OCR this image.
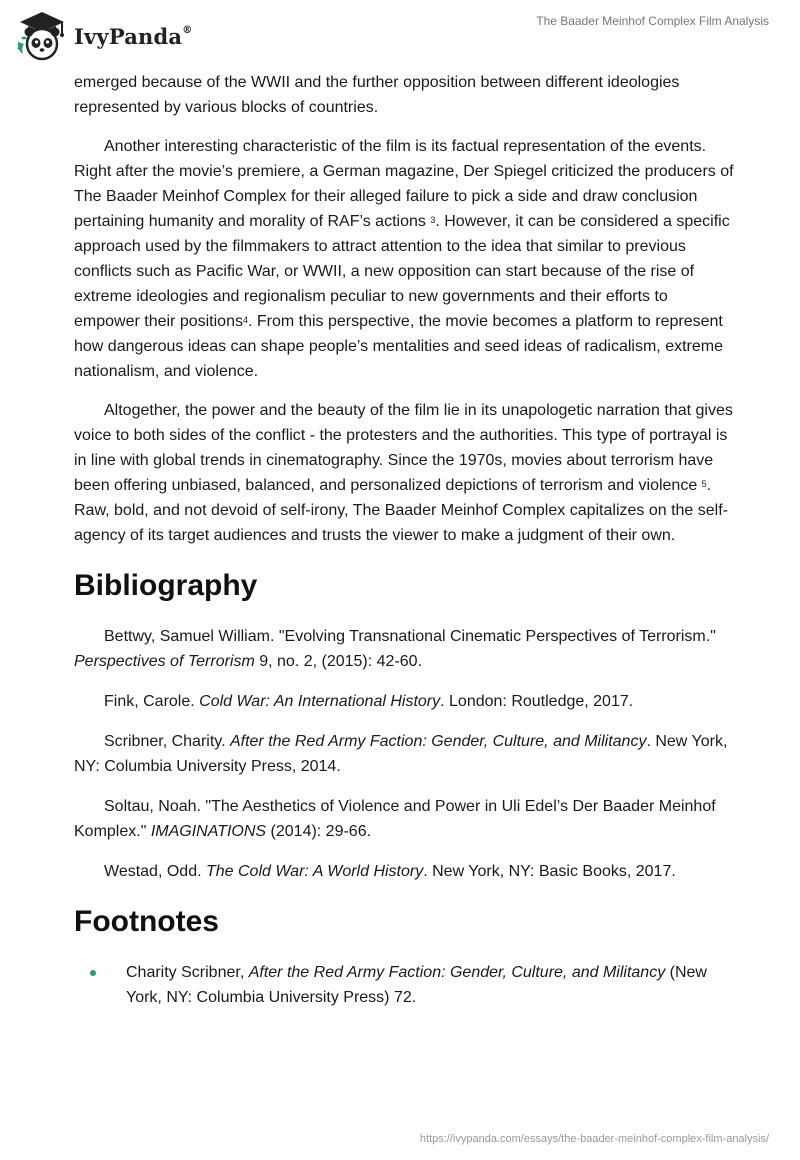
IvyPanda®
The Baader Meinhof Complex Film Analysis

emerged because of the WWII and the further opposition between different ideologies represented by various blocks of countries.

Another interesting characteristic of the film is its factual representation of the events. Right after the movie’s premiere, a German magazine, Der Spiegel criticized the producers of The Baader Meinhof Complex for their alleged failure to pick a side and draw conclusion pertaining humanity and morality of RAF’s actions $^3$. However, it can be considered a specific approach used by the filmmakers to attract attention to the idea that similar to previous conflicts such as Pacific War, or WWII, a new opposition can start because of the rise of extreme ideologies and regionalism peculiar to new governments and their efforts to empower their positions$^4$. From this perspective, the movie becomes a platform to represent how dangerous ideas can shape people’s mentalities and seed ideas of radicalism, extreme nationalism, and violence.

Altogether, the power and the beauty of the film lie in its unapologetic narration that gives voice to both sides of the conflict - the protesters and the authorities. This type of portrayal is in line with global trends in cinematography. Since the 1970s, movies about terrorism have been offering unbiased, balanced, and personalized depictions of terrorism and violence $^5$. Raw, bold, and not devoid of self-irony, The Baader Meinhof Complex capitalizes on the self-agency of its target audiences and trusts the viewer to make a judgment of their own.

Bibliography

Bettwy, Samuel William. "Evolving Transnational Cinematic Perspectives of Terrorism." Perspectives of Terrorism 9, no. 2, (2015): 42-60.

Fink, Carole. Cold War: An International History. London: Routledge, 2017.

Scribner, Charity. After the Red Army Faction: Gender, Culture, and Militancy. New York, NY: Columbia University Press, 2014.

Soltau, Noah. "The Aesthetics of Violence and Power in Uli Edel’s Der Baader Meinhof Komplex." IMAGINATIONS (2014): 29-66.

Westad, Odd. The Cold War: A World History. New York, NY: Basic Books, 2017.

Footnotes
Charity Scribner, After the Red Army Faction: Gender, Culture, and Militancy (New York, NY: Columbia University Press) 72.
https://ivypanda.com/essays/the-baader-meinhof-complex-film-analysis/
